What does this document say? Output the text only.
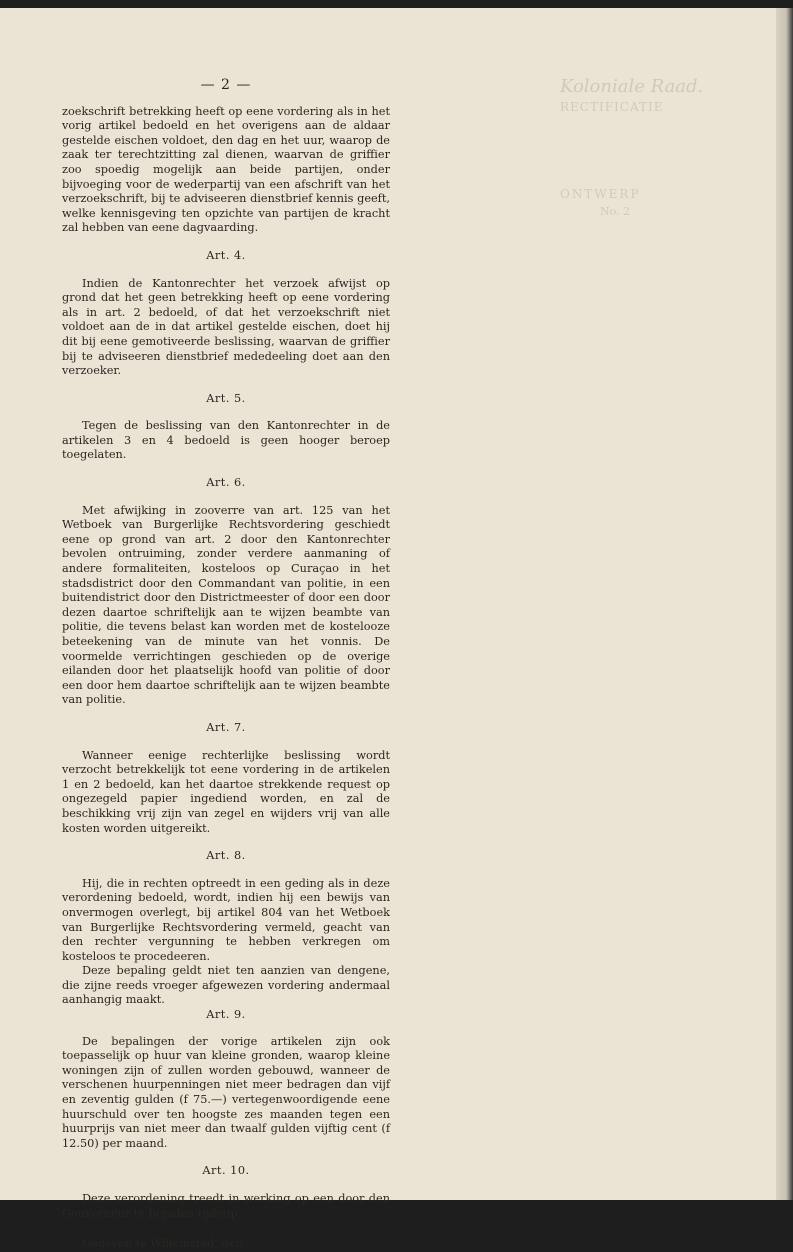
Koloniale Raad.
RECTIFICATIE
ONTWERP
No. 2
— 2 —

zoekschrift betrekking heeft op eene vordering als in het vorig artikel bedoeld en het overigens aan de aldaar gestelde eischen voldoet, den dag en het uur, waarop de zaak ter terechtzitting zal dienen, waarvan de griffier zoo spoedig mogelijk aan beide partijen, onder bijvoeging voor de wederpartij van een afschrift van het verzoekschrift, bij te adviseeren dienstbrief kennis geeft, welke kennisgeving ten opzichte van partijen de kracht zal hebben van eene dagvaarding.

Art. 4.

Indien de Kantonrechter het verzoek afwijst op grond dat het geen betrekking heeft op eene vordering als in art. 2 bedoeld, of dat het verzoekschrift niet voldoet aan de in dat artikel gestelde eischen, doet hij dit bij eene gemotiveerde beslissing, waarvan de griffier bij te adviseeren dienstbrief mededeeling doet aan den verzoeker.

Art. 5.

Tegen de beslissing van den Kantonrechter in de artikelen 3 en 4 bedoeld is geen hooger beroep toegelaten.

Art. 6.

Met afwijking in zooverre van art. 125 van het Wetboek van Burgerlijke Rechtsvordering geschiedt eene op grond van art. 2 door den Kantonrechter bevolen ontruiming, zonder verdere aanmaning of andere formaliteiten, kosteloos op Curaçao in het stadsdistrict door den Commandant van politie, in een buitendistrict door den Districtmeester of door een door dezen daartoe schriftelijk aan te wijzen beambte van politie, die tevens belast kan worden met de kostelooze beteekening van de minute van het vonnis. De voormelde verrichtingen geschieden op de overige eilanden door het plaatselijk hoofd van politie of door een door hem daartoe schriftelijk aan te wijzen beambte van politie.

Art. 7.

Wanneer eenige rechterlijke beslissing wordt verzocht betrekkelijk tot eene vordering in de artikelen 1 en 2 bedoeld, kan het daartoe strekkende request op ongezegeld papier ingediend worden, en zal de beschikking vrij zijn van zegel en wijders vrij van alle kosten worden uitgereikt.

Art. 8.

Hij, die in rechten optreedt in een geding als in deze verordening bedoeld, wordt, indien hij een bewijs van onvermogen overlegt, bij artikel 804 van het Wetboek van Burgerlijke Rechtsvordering vermeld, geacht van den rechter vergunning te hebben verkregen om kosteloos te procedeeren.

Deze bepaling geldt niet ten aanzien van dengene, die zijne reeds vroeger afgewezen vordering andermaal aanhangig maakt.

Art. 9.

De bepalingen der vorige artikelen zijn ook toepasselijk op huur van kleine gronden, waarop kleine woningen zijn of zullen worden gebouwd, wanneer de verschenen huurpenningen niet meer bedragen dan vijf en zeventig gulden (f 75.—) vertegenwoordigende eene huurschuld over ten hoogste zes maanden tegen een huurprijs van niet meer dan twaalf gulden vijftig cent (f 12.50) per maand.

Art. 10.

Deze verordening treedt in werking op een door den Gouverneur te bepalen tijdstip.

Gegeven te Willemstad, den
